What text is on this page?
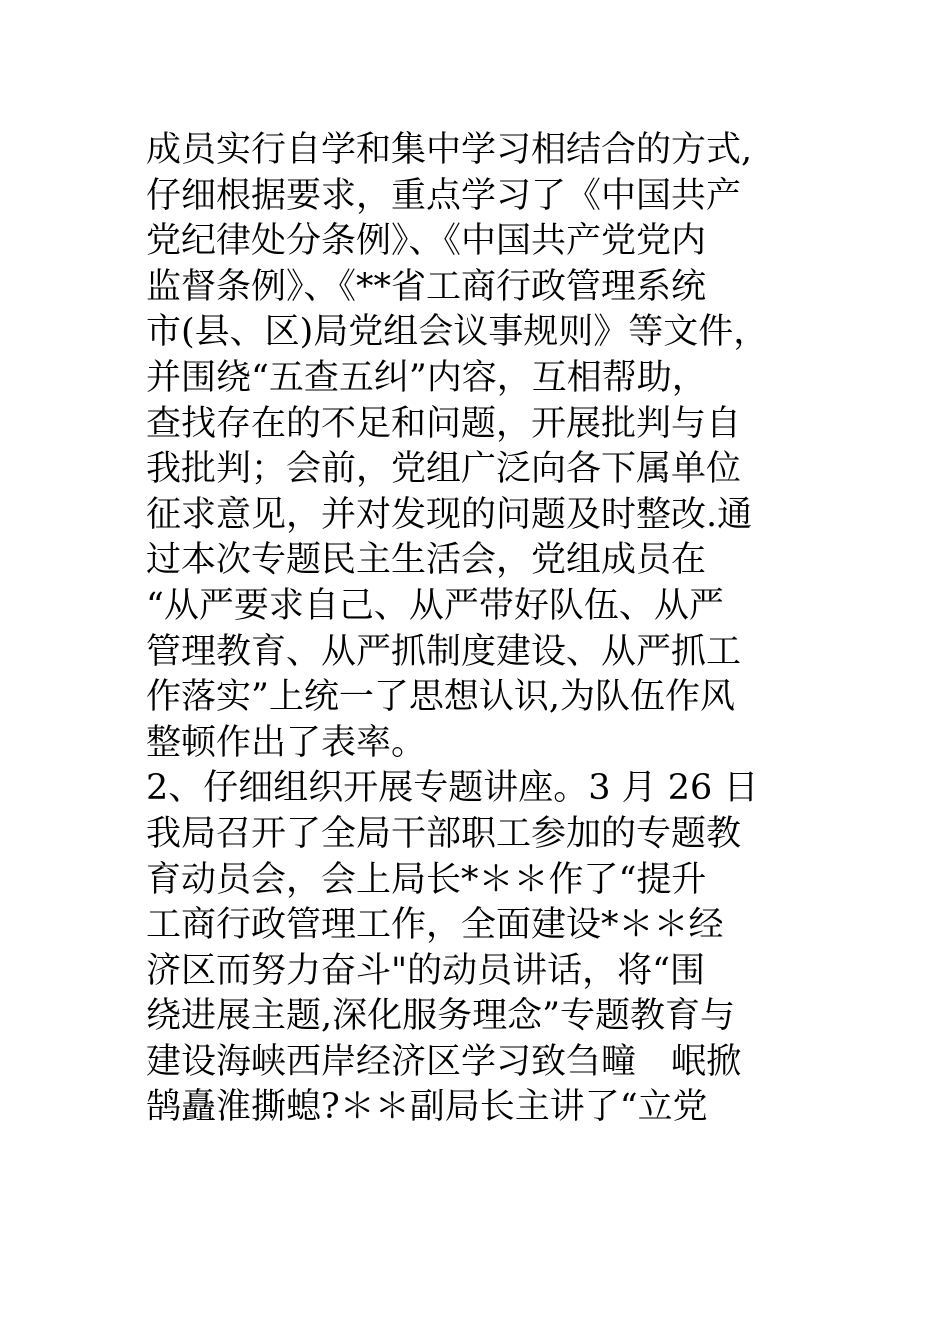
成员实行自学和集中学习相结合的方式,
仔细根据要求，重点学习了《中国共产
党纪律处分条例》、《中国共产党党内
监督条例》、《**省工商行政管理系统
市(县、区)局党组会议事规则》等文件，
并围绕“五查五纠”内容，互相帮助，
查找存在的不足和问题，开展批判与自
我批判；会前，党组广泛向各下属单位
征求意见，并对发现的问题及时整改.通
过本次专题民主生活会，党组成员在
“从严要求自己、从严带好队伍、从严
管理教育、从严抓制度建设、从严抓工
作落实”上统一了思想认识,为队伍作风
整顿作出了表率。
2、仔细组织开展专题讲座。3 月 26 日
我局召开了全局干部职工参加的专题教
育动员会，会上局长*＊＊作了“提升
工商行政管理工作，全面建设*＊＊经
济区而努力奋斗"的动员讲话，将“围
绕进展主题,深化服务理念”专题教育与
建设海峡西岸经济区学习致刍疃　岷掀
鹄矗淮撕螅?＊＊副局长主讲了“立党
